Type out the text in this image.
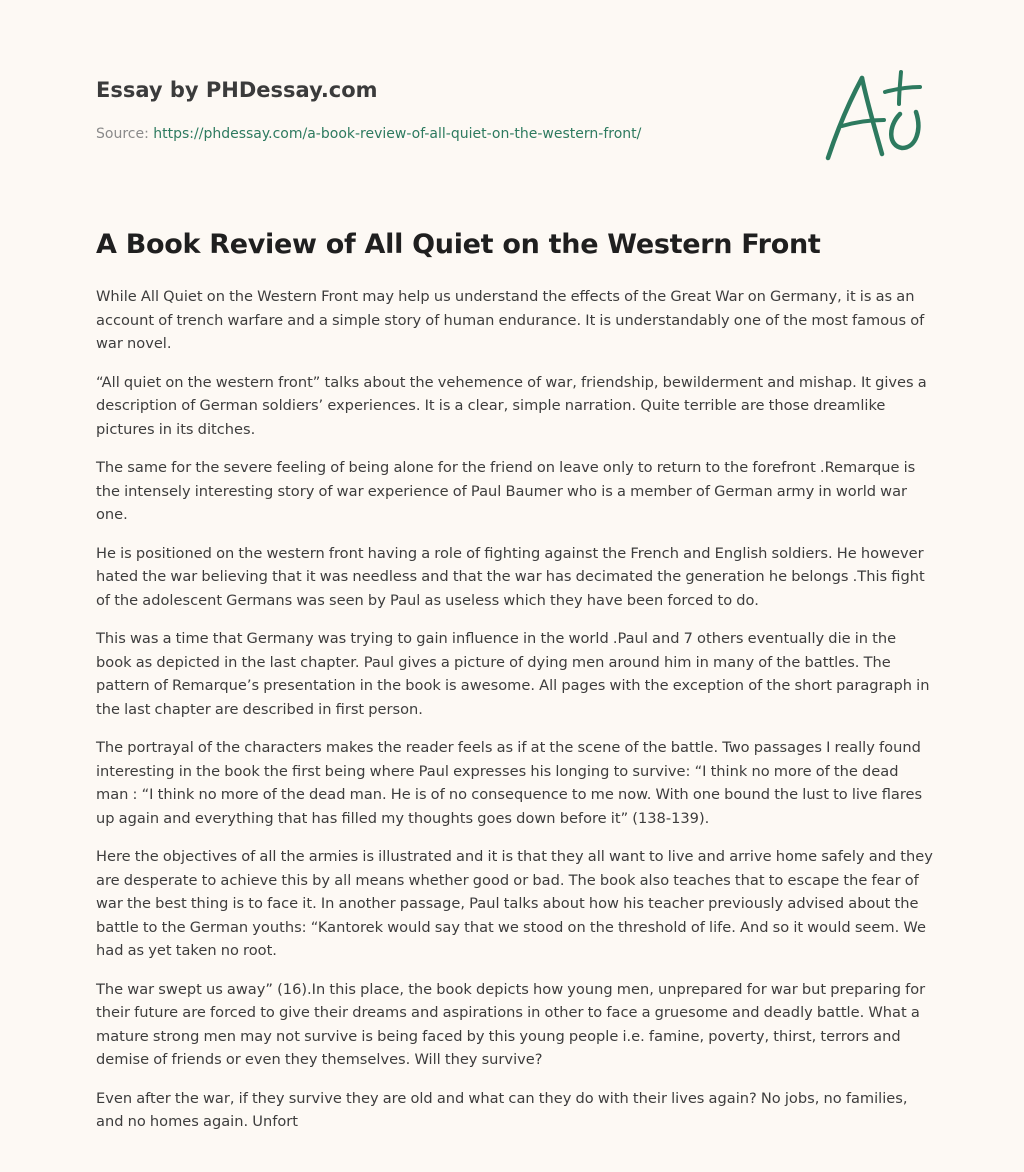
Essay by PHDessay.com
Source: https://phdessay.com/a-book-review-of-all-quiet-on-the-western-front/
A Book Review of All Quiet on the Western Front

While All Quiet on the Western Front may help us understand the effects of the Great War on Germany, it is as an account of trench warfare and a simple story of human endurance. It is understandably one of the most famous of war novel.

“All quiet on the western front” talks about the vehemence of war, friendship, bewilderment and mishap. It gives a description of German soldiers’ experiences. It is a clear, simple narration. Quite terrible are those dreamlike pictures in its ditches.

The same for the severe feeling of being alone for the friend on leave only to return to the forefront .Remarque is the intensely interesting story of war experience of Paul Baumer who is a member of German army in world war one.

He is positioned on the western front having a role of fighting against the French and English soldiers. He however hated the war believing that it was needless and that the war has decimated the generation he belongs .This fight of the adolescent Germans was seen by Paul as useless which they have been forced to do.

This was a time that Germany was trying to gain influence in the world .Paul and 7 others eventually die in the book as depicted in the last chapter. Paul gives a picture of dying men around him in many of the battles. The pattern of Remarque’s presentation in the book is awesome. All pages with the exception of the short paragraph in the last chapter are described in first person.

The portrayal of the characters makes the reader feels as if at the scene of the battle. Two passages I really found interesting in the book the first being where Paul expresses his longing to survive: “I think no more of the dead man : “I think no more of the dead man. He is of no consequence to me now. With one bound the lust to live flares up again and everything that has filled my thoughts goes down before it” (138-139).

Here the objectives of all the armies is illustrated and it is that they all want to live and arrive home safely and they are desperate to achieve this by all means whether good or bad. The book also teaches that to escape the fear of war the best thing is to face it. In another passage, Paul talks about how his teacher previously advised about the battle to the German youths: “Kantorek would say that we stood on the threshold of life. And so it would seem. We had as yet taken no root.

The war swept us away” (16).In this place, the book depicts how young men, unprepared for war but preparing for their future are forced to give their dreams and aspirations in other to face a gruesome and deadly battle. What a mature strong men may not survive is being faced by this young people i.e. famine, poverty, thirst, terrors and demise of friends or even they themselves. Will they survive?

Even after the war, if they survive they are old and what can they do with their lives again? No jobs, no families, and no homes again. Unfort
